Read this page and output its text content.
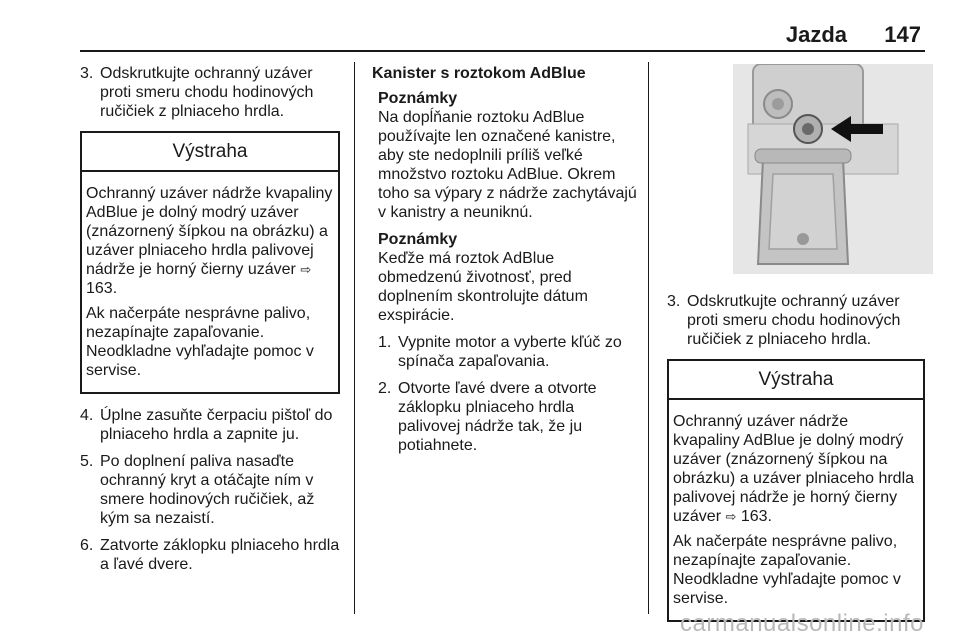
Jazda 147
3. Odskrutkujte ochranný uzáver proti smeru chodu hodinových ručičiek z plniaceho hrdla.
Výstraha

Ochranný uzáver nádrže kvapaliny AdBlue je dolný modrý uzáver (znázornený šípkou na obrázku) a uzáver plniaceho hrdla palivovej nádrže je horný čierny uzáver ⇨ 163.

Ak načerpáte nesprávne palivo, nezapínajte zapaľovanie. Neodkladne vyhľadajte pomoc v servise.

4. Úplne zasuňte čerpaciu pištoľ do plniaceho hrdla a zapnite ju.
5. Po doplnení paliva nasaďte ochranný kryt a otáčajte ním v smere hodinových ručičiek, až kým sa nezaistí.
6. Zatvorte záklopku plniaceho hrdla a ľavé dvere.
Kanister s roztokom AdBlue
Poznámky
Na dopĺňanie roztoku AdBlue používajte len označené kanistre, aby ste nedoplnili príliš veľké množstvo roztoku AdBlue. Okrem toho sa výpary z nádrže zachytávajú v kanistry a neuniknú.
Poznámky
Keďže má roztok AdBlue obmedzenú životnosť, pred doplnením skontrolujte dátum exspirácie.
1. Vypnite motor a vyberte kľúč zo spínača zapaľovania.
2. Otvorte ľavé dvere a otvorte záklopku plniaceho hrdla palivovej nádrže tak, že ju potiahnete.
3. Odskrutkujte ochranný uzáver proti smeru chodu hodinových ručičiek z plniaceho hrdla.
Výstraha

Ochranný uzáver nádrže kvapaliny AdBlue je dolný modrý uzáver (znázornený šípkou na obrázku) a uzáver plniaceho hrdla palivovej nádrže je horný čierny uzáver ⇨ 163.

Ak načerpáte nesprávne palivo, nezapínajte zapaľovanie. Neodkladne vyhľadajte pomoc v servise.

carmanualsonline.info
